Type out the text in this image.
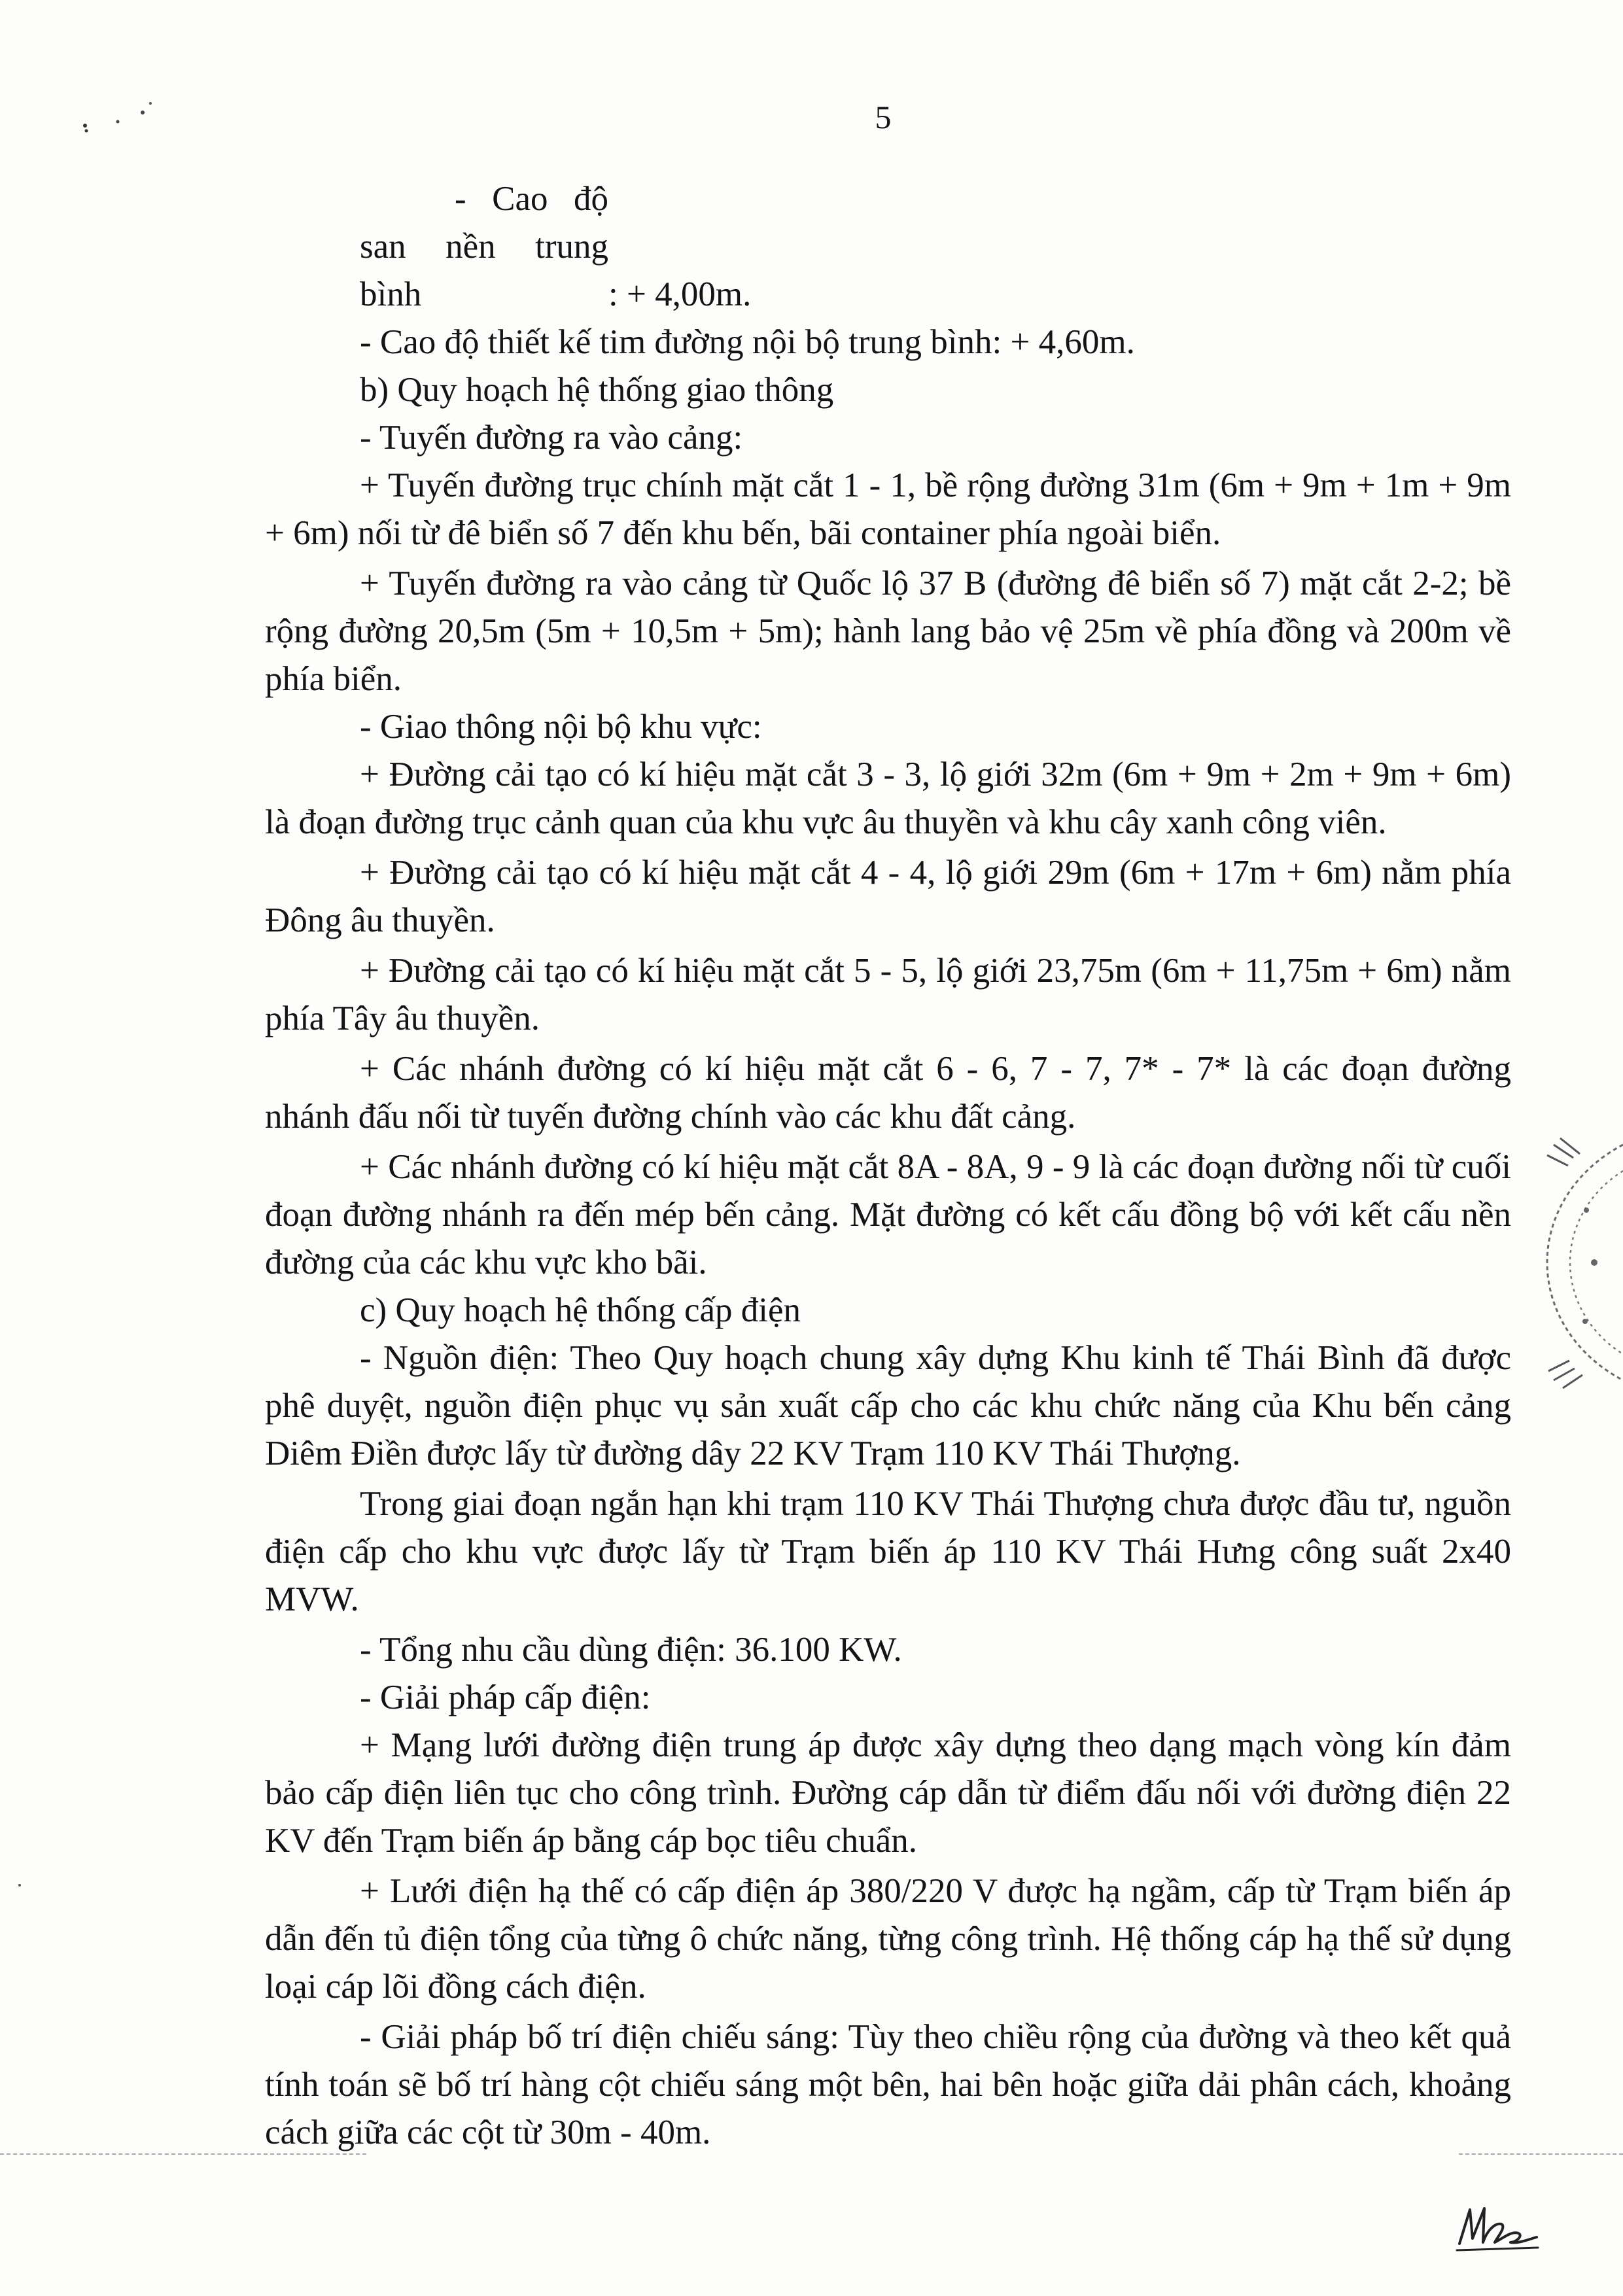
5

- Cao độ san nền trung bình	: + 4,00m.

- Cao độ thiết kế tim đường nội bộ trung bình: + 4,60m.

b) Quy hoạch hệ thống giao thông

- Tuyến đường ra vào cảng:

+ Tuyến đường trục chính mặt cắt 1 - 1, bề rộng đường 31m (6m + 9m + 1m + 9m + 6m) nối từ đê biển số 7 đến khu bến, bãi container phía ngoài biển.

+ Tuyến đường ra vào cảng từ Quốc lộ 37 B (đường đê biển số 7) mặt cắt 2-2; bề rộng đường 20,5m (5m + 10,5m + 5m); hành lang bảo vệ 25m về phía đồng và 200m về phía biển.

- Giao thông nội bộ khu vực:

+ Đường cải tạo có kí hiệu mặt cắt 3 - 3, lộ giới 32m (6m + 9m + 2m + 9m + 6m) là đoạn đường trục cảnh quan của khu vực âu thuyền và khu cây xanh công viên.

+ Đường cải tạo có kí hiệu mặt cắt 4 - 4, lộ giới 29m (6m + 17m + 6m) nằm phía Đông âu thuyền.

+ Đường cải tạo có kí hiệu mặt cắt 5 - 5, lộ giới 23,75m (6m + 11,75m + 6m) nằm phía Tây âu thuyền.

+ Các nhánh đường có kí hiệu mặt cắt 6 - 6, 7 - 7, 7* - 7* là các đoạn đường nhánh đấu nối từ tuyến đường chính vào các khu đất cảng.

+ Các nhánh đường có kí hiệu mặt cắt 8A - 8A, 9 - 9 là các đoạn đường nối từ cuối đoạn đường nhánh ra đến mép bến cảng. Mặt đường có kết cấu đồng bộ với kết cấu nền đường của các khu vực kho bãi.

c) Quy hoạch hệ thống cấp điện

- Nguồn điện: Theo Quy hoạch chung xây dựng Khu kinh tế Thái Bình đã được phê duyệt, nguồn điện phục vụ sản xuất cấp cho các khu chức năng của Khu bến cảng Diêm Điền được lấy từ đường dây 22 KV Trạm 110 KV Thái Thượng.

Trong giai đoạn ngắn hạn khi trạm 110 KV Thái Thượng chưa được đầu tư, nguồn điện cấp cho khu vực được lấy từ Trạm biến áp 110 KV Thái Hưng công suất 2x40 MVW.

- Tổng nhu cầu dùng điện: 36.100 KW.

- Giải pháp cấp điện:

+ Mạng lưới đường điện trung áp được xây dựng theo dạng mạch vòng kín đảm bảo cấp điện liên tục cho công trình. Đường cáp dẫn từ điểm đấu nối với đường điện 22 KV đến Trạm biến áp bằng cáp bọc tiêu chuẩn.

+ Lưới điện hạ thế có cấp điện áp 380/220 V được hạ ngầm, cấp từ Trạm biến áp dẫn đến tủ điện tổng của từng ô chức năng, từng công trình. Hệ thống cáp hạ thế sử dụng loại cáp lõi đồng cách điện.

- Giải pháp bố trí điện chiếu sáng: Tùy theo chiều rộng của đường và theo kết quả tính toán sẽ bố trí hàng cột chiếu sáng một bên, hai bên hoặc giữa dải phân cách, khoảng cách giữa các cột từ 30m - 40m.
